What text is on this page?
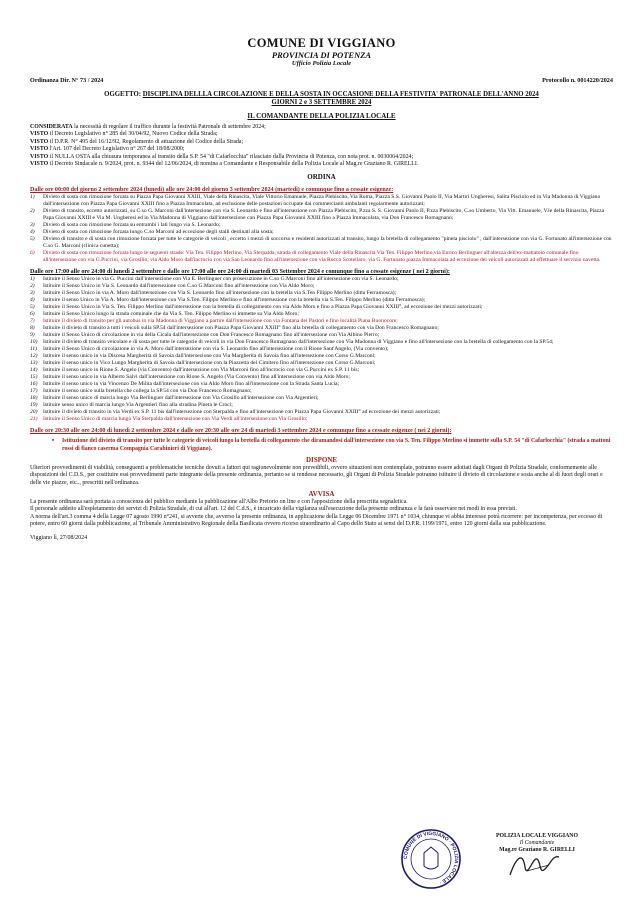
COMUNE DI VIGGIANO
PROVINCIA DI POTENZA
Ufficio Polizia Locale
Ordinanza Dir. N° 73 / 2024	Protocollo n. 0014220/2024
OGGETTO: DISCIPLINA DELLLA CIRCOLAZIONE E DELLA SOSTA IN OCCASIONE DELLA FESTIVITA' PATRONALE DELL'ANNO 2024
GIORNI 2 e 3 SETTEMBRE 2024
IL COMANDANTE DELLA POLIZIA LOCALE
CONSIDERATA la necessità di regolare il traffico durante la festività Patronale di settembre 2024;
VISTO il Decreto Legislativo n° 285 del 30/04/92, Nuovo Codice della Strada;
VISTO il D.P.R. N° 495 del 16/12/92, Regolamento di attuazione del Codice della Strada;
VISTO l'Art. 107 del Decreto Legislativo n° 267 del 18/08/2000;
VISTO il NULLA OSTA alla chiusura temporanea al transito della S.P. 54 "di Cafarlocchia" rilasciato dalla Provincia di Potenza, con nota prot. n. 0030064/2024;
VISTO il Decreto Sindacale n. 9/2024, prot. n. 9344 del 12/06/2024, di nomina a Comandante e Responsabile della Polizia Locale al Mag.re Graziano R. GIRELLI.
ORDINA
Dalle ore 00:00 del giorno 2 settembre 2024 (lunedì) alle ore 24:00 del giorno 3 settembre 2024 (martedì) e comunque fino a cessate esigenze:
1)	Divieto di sosta con rimozione forzata su Piazza Papa Giovanni XXIII, Viale della Rinascita, Viale Vittorio Emanuele, Piazza Plebiscito, Via Roma, Piazza S.S. Giovanni Paolo II, Via Martiri Ungheresi, Salita Pisciolo ed in Via Madonna di Viggiano dall'intersezione con Piazza Papa Giovanni XXIII fino a Piazza Immacolata, ad esclusione delle postazioni occupate dai commercianti ambulanti regolarmente autorizzati;
2)	Divieto di transito, eccetto autorizzati, su C.so G. Marconi dall'intersezione con via S. Leonardo e fino all'intersezione con Piazza Plebiscito, P.zza S. S. Giovanni Paolo II, P.zza Plebiscito, C.so Umberto, Via Vitt. Emanuele, V.le della Rinascita, Piazza Papa Giovanni XXIII e Via M. Ungheresi ed in Via Madonna di Viggiano dall'intersezione con Piazza Papa Giovanni XXIII fino a Piazza Immacolata, via Don Francesco Romagnano;
3)	Divieto di sosta con rimozione forzata su entrambi i lati lungo via S. Leonardo;
4)	Divieto di sosta con rimozione forzata lungo C.so Marconi ad eccezione degli stalli destinati alla sosta;
5)	Divieto di transito e di sosta con rimozione forzata per tutte le categorie di veicoli , eccetto i mezzi di soccorso e residenti autorizzati al transito, lungo la bretella di collegamento "pineta pisciolo" , dall'intersezione con via G. Fortunato all'intersezione con C.so G. Marconi (clinica cunetta);
6)	Divieto di sosta con rimozione forzata lungo le seguenti strade: Via Ten. Filippo Merlino, Via Sterpalda, strada di collegamento Viale della Rinascita Via Ten. Filippo Merlino,via Enrico Berlinguer all'altezza dell'ex-mattatoio comunale fino all'intersezione con via G.Puccini, via Grosilio, via Aldo Moro dall'incrocio con via San Leonardo fino all'intersezione con via Rocco Scotellaro, via G. Fortunato piazza Immacolata ad eccezione dei veicoli autorizzati ad effettuare il servizio navetta.
Dalle ore 17:00 alle ore 24:00 di lunedì 2 settembre e dalle ore 17:00 alle ore 24:00 di martedì 03 Settembre 2024 e comunque fino a cessate esigenze ( nei 2 giorni):
1)	Istituire il Senso Unico in via G. Puccini dall'intersezione con Via E. Berlinguer con prosecuzione in C.so G.Marconi fino all'intersezione con via S. Leonardo;
2)	Istituire il Senso Unico in Via S. Leonardo dall'intersezione con C.so G.Marconi fino all'intersezione con Via Aldo Moro;
3)	Istituire il Senso Unico in via A. Moro dall'intersezione con Via S. Leonardo fino all'intersezione con la bretella via S.Ten Filippo Merlino (ditta Ferramosca);
4)	Istituire il senso Unico in Via A. Moro dall'intersezione con Via S.Ten. Filippo Merlino e fino all'intersezione con la bretella via S.Ten. Filippo Merlino (ditta Ferramosca);
5)	Istituire il Senso Unico in Via S. Ten. Filippo Merlino dall'intersezione con la bretella di collegamento con via Aldo Moro e fino a Piazza Papa Giovanni XXIII°, ad eccezione dei mezzi autorizzati;
6)	Istituire il Senso Unico lungo la strada comunale che da Via S. Ten. Filippo Merlino si immette su Via Aldo Moro;
7)	Istituire il divieto di transito per gli autobus in via Madonna di Viggiano a partire dall'intersezione con via Fontana dei Pastori e fino località Piana Buonocore;
8)	Istituire il divieto di transito a tutti i veicoli sulla SP.54 dall'intersezione con Piazza Papa Giovanni XXIII° fino alla bretella di collegamento con via Don Francesco Romagnano;
9)	Istituire il Senso Unico di circolazione in via della Cicala dall'intersezione con Don Francesco Romagnano fino all'intersezione con Via Albino Pierro;
10) Istituire il divieto di transito veicolare e di sosta per tutte le categorie di veicoli in via Don Francesco Romagnano dall'intersezione con Via Madonna di Viggiano e fino all'intersezione con la bretella di collegamento con la SP.54;
11)	Istituire il Senso Unico di circolazione in via A. Moro dall'intersezione con via S. Leonardo fino all'intersezione con il Rione Sant'Angelo, (Via convento);
12) Istituire il senso unico in via Discesa Margherita di Savoia dall'intersezione con Via Margherita di Savoia fino all'intersezione con Corso G.Marconi;
13) Istituire il senso unico in Vico Lungo Margherita di Savoia dall'intersezione con la Piazzetta del Cimitero fino all'intersezione con Corso G.Marconi;
14) Istituire il senso unico in Rione S. Angelo (via Convento) dall'intersezione con Via Marconi fino all'incrocio con via G.Puccini ex S.P. 11 bis;
15) Istituire il senso unico in via Alberto Salvi dall'intersezione con Rione S. Angelo (Via Convento) fino all'intersezione con via Aldo Moro;
16) Istituire il senso unico in via Vincenzo De Milita dall'intersezione con via Aldo Moro fino all'intersezione con la Strada Santa Lucia;
17) Istituire il senso unico sulla bretella che collega la SP.54 con via Don Francesco Romagnano;
18) Istituire il senso unico di marcia lungo Via Berlinguer dall'intersezione con Via Grosillo all'intersezione con Via Argentieri;
19) Istituire senso unico di marcia lungo Via Argentieri fino alla stradina Pineta le Croci;
20) Istituire il divieto di transito in via Verdi ex S.P. 11 bis dall'intersezione con Sterpalda e fino all'intersezione con Piazza Papa Giovanni XXIII° ad eccezione dei mezzi autorizzati;
21) Istituire il Senso Unico di marcia lungo Via Sterpalda dall'intersezione con Via Verdi all'intersezione con Via Grosillo;
Dalle ore 20:30 alle ore 24:00 di lunedì 2 settembre 2024 e dalle ore 20:30 alle ore 24 di martedì 3 settembre 2024 e comunque fino a cessate esigenze ( nei 2 giorni):
•	Istituzione del divieto di transito per tutte le categorie di veicoli lungo la bretella di collegamento che diramandosi dall'intersezione con via S. Ten. Filippo Merlino si immette sulla S.P. 54 "di Cafarlocchia" (strada a mattoni rossi di fianco caserma Compagnia Carabinieri di Viggiano).
DISPONE
Ulteriori provvedimenti di viabilità, conseguenti a problematiche tecniche dovuti a fattori qui ragionevolmente non prevedibili, ovvero situazioni non contemplate, potranno essere adottati dagli Organi di Polizia Stradale, conformemente alle disposizioni del C.D.S., per costituire essi provvedimenti parte integrante della presente ordinanza, pertanto se si rendesse necessario, gli Organi di Polizia Stradale potranno istituire il divieto di circolazione e sosta anche al di fuori degli orari e delle vie piazze, etc.., prescritti nell'ordinanza.
AVVISA
La presente ordinanza sarà portata a conoscenza del pubblico mediante la pubblicazione all'Albo Pretorio on line e con l'apposizione della prescritta segnaletica.
Il personale addetto all'espletamento dei servizi di Polizia Stradale, di cui all'art. 12 del C.d.S., è incaricato della vigilanza sull'esecuzione della presente ordinanza e la farà osservare nei modi in essa previsti.
A norma dell'art.3 comma 4 della Legge 07 agosto 1990 n°241, si avverte che, avverso la presente ordinanza, in applicazione della Legge 06 Dicembre 1971 n° 1034, chiunque vi abbia interesse potrà ricorrere: per incompetenza, per eccesso di potere, entro 60 giorni dalla pubblicazione, al Tribunale Amministrativo Regionale della Basilicata ovvero ricorso straordinario al Capo dello Stato ai sensi del D.P.R. 1199/1971, entro 120 giorni dalla sua pubblicazione.
Viggiano lì, 27/08/2024
COMUNE DI VIGGIANO · POLIZIA LOCALE ·
POLIZIA LOCALE VIGGIANO
Il Comandante
Mag.re Graziano R. GIRELLI
